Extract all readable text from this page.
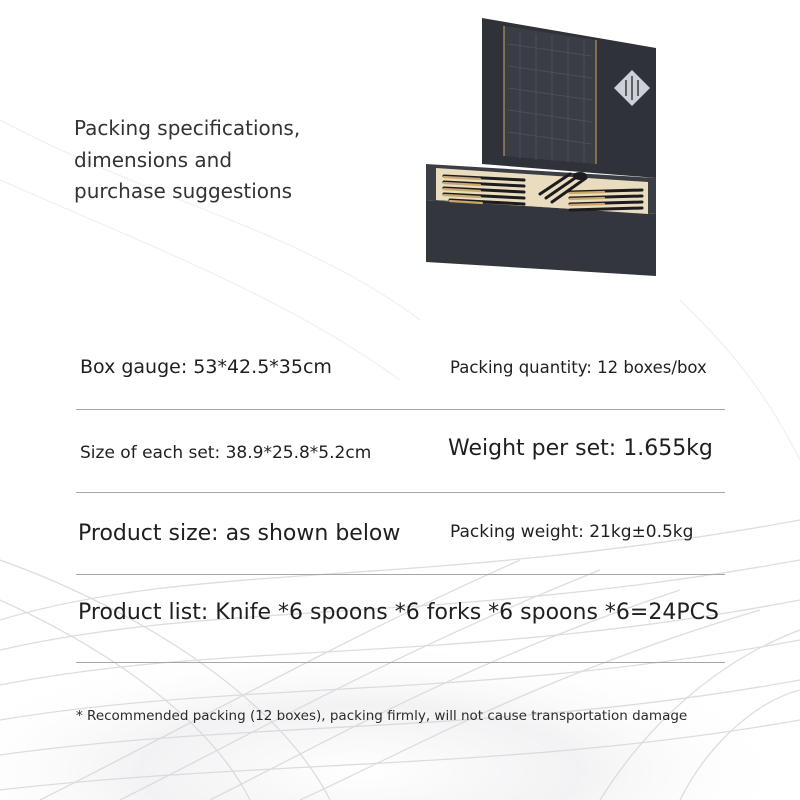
Packing specifications,
dimensions and
purchase suggestions
Box gauge: 53*42.5*35cm	Packing quantity: 12 boxes/box
Size of each set: 38.9*25.8*5.2cm	Weight per set: 1.655kg
Product size: as shown below	Packing weight: 21kg±0.5kg
Product list: Knife *6 spoons *6 forks *6 spoons *6=24PCS
* Recommended packing (12 boxes), packing firmly, will not cause transportation damage
